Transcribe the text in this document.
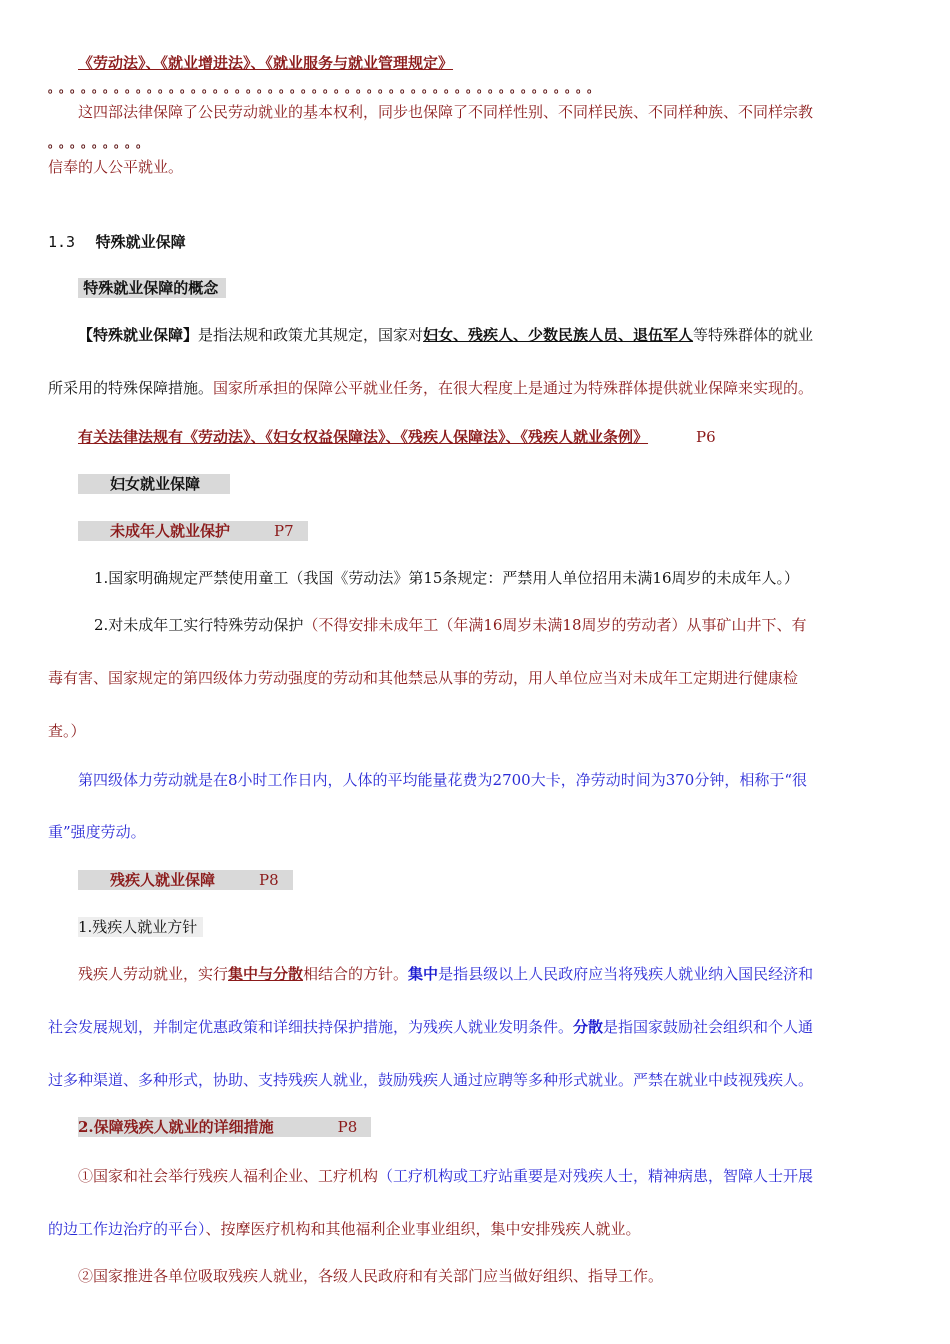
《劳动法》、《就业增进法》、《就业服务与就业管理规定》
。。。。。。。。。。。。。。。。。。。。。。。。。。。。。。。。。。。。。。。。。。。。。。。。。。
这四部法律保障了公民劳动就业的基本权利，同步也保障了不同样性别、不同样民族、不同样种族、不同样宗教
。。。。。。。。。
信奉的人公平就业。
1.3 特殊就业保障
特殊就业保障的概念
【特殊就业保障】是指法规和政策尤其规定，国家对妇女、残疾人、少数民族人员、退伍军人等特殊群体的就业
所采用的特殊保障措施。国家所承担的保障公平就业任务，在很大程度上是通过为特殊群体提供就业保障来实现的。
有关法律法规有《劳动法》、《妇女权益保障法》、《残疾人保障法》、《残疾人就业条例》	P6
妇女就业保障
未成年人就业保护	P7
1.国家明确规定严禁使用童工（我国《劳动法》第15条规定：严禁用人单位招用未满16周岁的未成年人。）
2.对未成年工实行特殊劳动保护（不得安排未成年工（年满16周岁未满18周岁的劳动者）从事矿山井下、有
毒有害、国家规定的第四级体力劳动强度的劳动和其他禁忌从事的劳动，用人单位应当对未成年工定期进行健康检
查。）
第四级体力劳动就是在8小时工作日内，人体的平均能量花费为2700大卡，净劳动时间为370分钟，相称于“很
重”强度劳动。
残疾人就业保障	P8
1.残疾人就业方针
残疾人劳动就业，实行集中与分散相结合的方针。集中是指县级以上人民政府应当将残疾人就业纳入国民经济和
社会发展规划，并制定优惠政策和详细扶持保护措施，为残疾人就业发明条件。分散是指国家鼓励社会组织和个人通
过多种渠道、多种形式，协助、支持残疾人就业，鼓励残疾人通过应聘等多种形式就业。严禁在就业中歧视残疾人。
2.保障残疾人就业的详细措施	P8
①国家和社会举行残疾人福利企业、工疗机构（工疗机构或工疗站重要是对残疾人士，精神病患，智障人士开展
的边工作边治疗的平台）、按摩医疗机构和其他福利企业事业组织，集中安排残疾人就业。
②国家推进各单位吸取残疾人就业，各级人民政府和有关部门应当做好组织、指导工作。
